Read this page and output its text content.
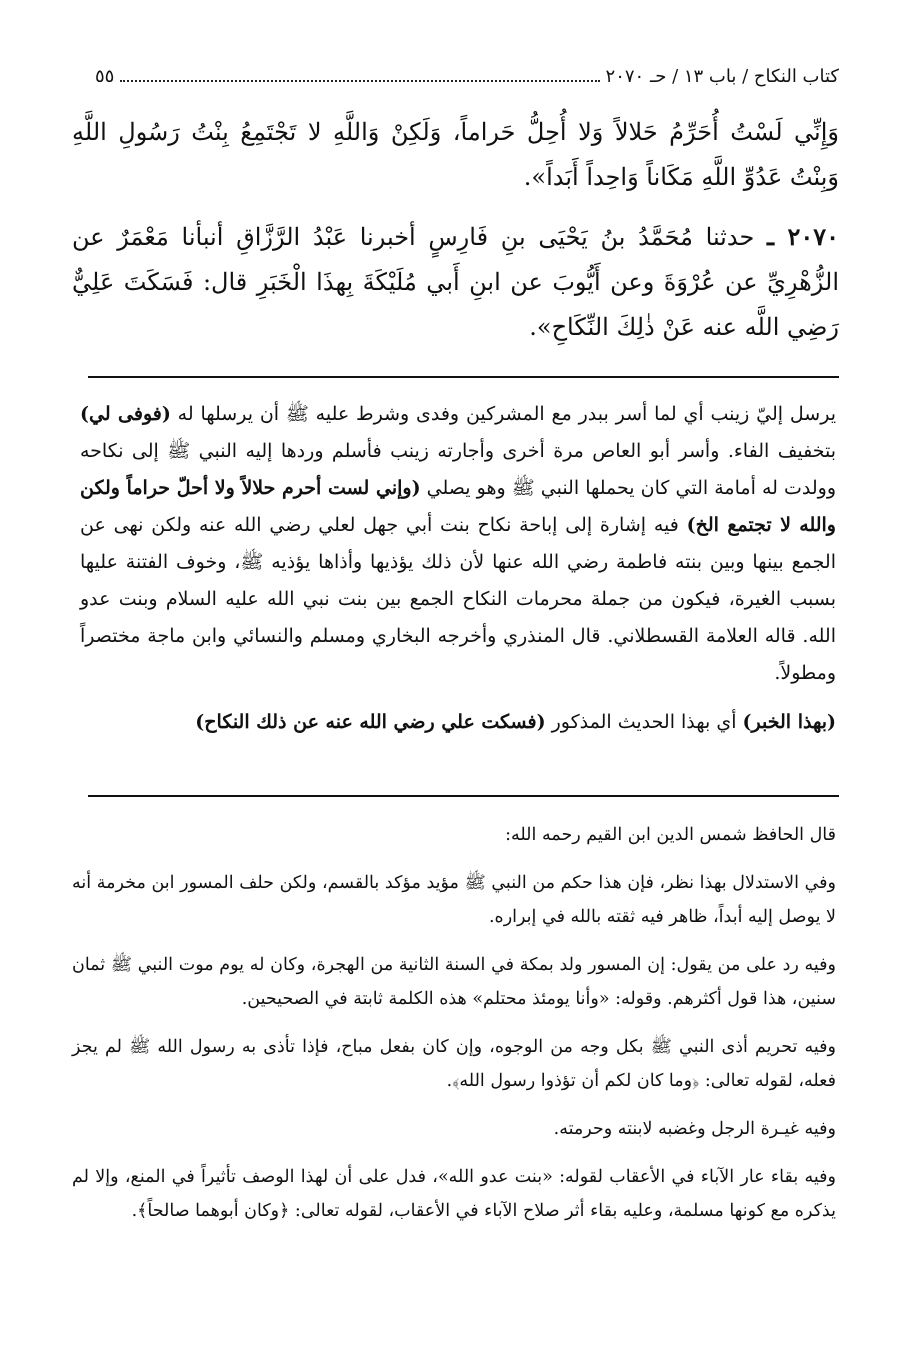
كتاب النكاح / باب ١٣ / حـ ٢٠٧٠
٥٥

وَإِنِّي لَسْتُ أُحَرِّمُ حَلالاً وَلا أُحِلُّ حَراماً، وَلَكِنْ وَاللَّهِ لا تَجْتَمِعُ بِنْتُ رَسُولِ اللَّهِ وَبِنْتُ عَدُوِّ اللَّهِ مَكَاناً وَاحِداً أَبَداً».

٢٠٧٠ ـ حدثنا مُحَمَّدُ بنُ يَحْيَى بنِ فَارِسٍ أخبرنا عَبْدُ الرَّزَّاقِ أنبأنا مَعْمَرٌ عن الزُّهْرِيِّ عن عُرْوَةَ وعن أَيُّوبَ عن ابنِ أَبي مُلَيْكَةَ بِهذَا الْخَبَرِ قال: فَسَكَتَ عَلِيٌّ رَضِي اللَّه عنه عَنْ ذٰلِكَ النِّكَاحِ».

يرسل إليّ زينب أي لما أسر ببدر مع المشركين وفدى وشرط عليه ﷺ أن يرسلها له (فوفى لي) بتخفيف الفاء. وأسر أبو العاص مرة أخرى وأجارته زينب فأسلم وردها إليه النبي ﷺ إلى نكاحه وولدت له أمامة التي كان يحملها النبي ﷺ وهو يصلي (وإني لست أحرم حلالاً ولا أحلّ حراماً ولكن والله لا تجتمع الخ) فيه إشارة إلى إباحة نكاح بنت أبي جهل لعلي رضي الله عنه ولكن نهى عن الجمع بينها وبين بنته فاطمة رضي الله عنها لأن ذلك يؤذيها وأذاها يؤذيه ﷺ، وخوف الفتنة عليها بسبب الغيرة، فيكون من جملة محرمات النكاح الجمع بين بنت نبي الله عليه السلام وبنت عدو الله. قاله العلامة القسطلاني. قال المنذري وأخرجه البخاري ومسلم والنسائي وابن ماجة مختصراً ومطولاً.

(بهذا الخبر) أي بهذا الحديث المذكور (فسكت علي رضي الله عنه عن ذلك النكاح)

قال الحافظ شمس الدين ابن القيم رحمه الله:

وفي الاستدلال بهذا نظر، فإن هذا حكم من النبي ﷺ مؤيد مؤكد بالقسم، ولكن حلف المسور ابن مخرمة أنه لا يوصل إليه أبداً، ظاهر فيه ثقته بالله في إبراره.

وفيه رد على من يقول: إن المسور ولد بمكة في السنة الثانية من الهجرة، وكان له يوم موت النبي ﷺ ثمان سنين، هذا قول أكثرهم. وقوله: «وأنا يومئذ محتلم» هذه الكلمة ثابتة في الصحيحين.

وفيه تحريم أذى النبي ﷺ بكل وجه من الوجوه، وإن كان بفعل مباح، فإذا تأذى به رسول الله ﷺ لم يجز فعله، لقوله تعالى: ﴿وما كان لكم أن تؤذوا رسول الله﴾.

وفيه غيـرة الرجل وغضبه لابنته وحرمته.

وفيه بقاء عار الآباء في الأعقاب لقوله: «بنت عدو الله»، فدل على أن لهذا الوصف تأثيراً في المنع، وإلا لم يذكره مع كونها مسلمة، وعليه بقاء أثر صلاح الآباء في الأعقاب، لقوله تعالى: ﴿وكان أبوهما صالحاً﴾.
